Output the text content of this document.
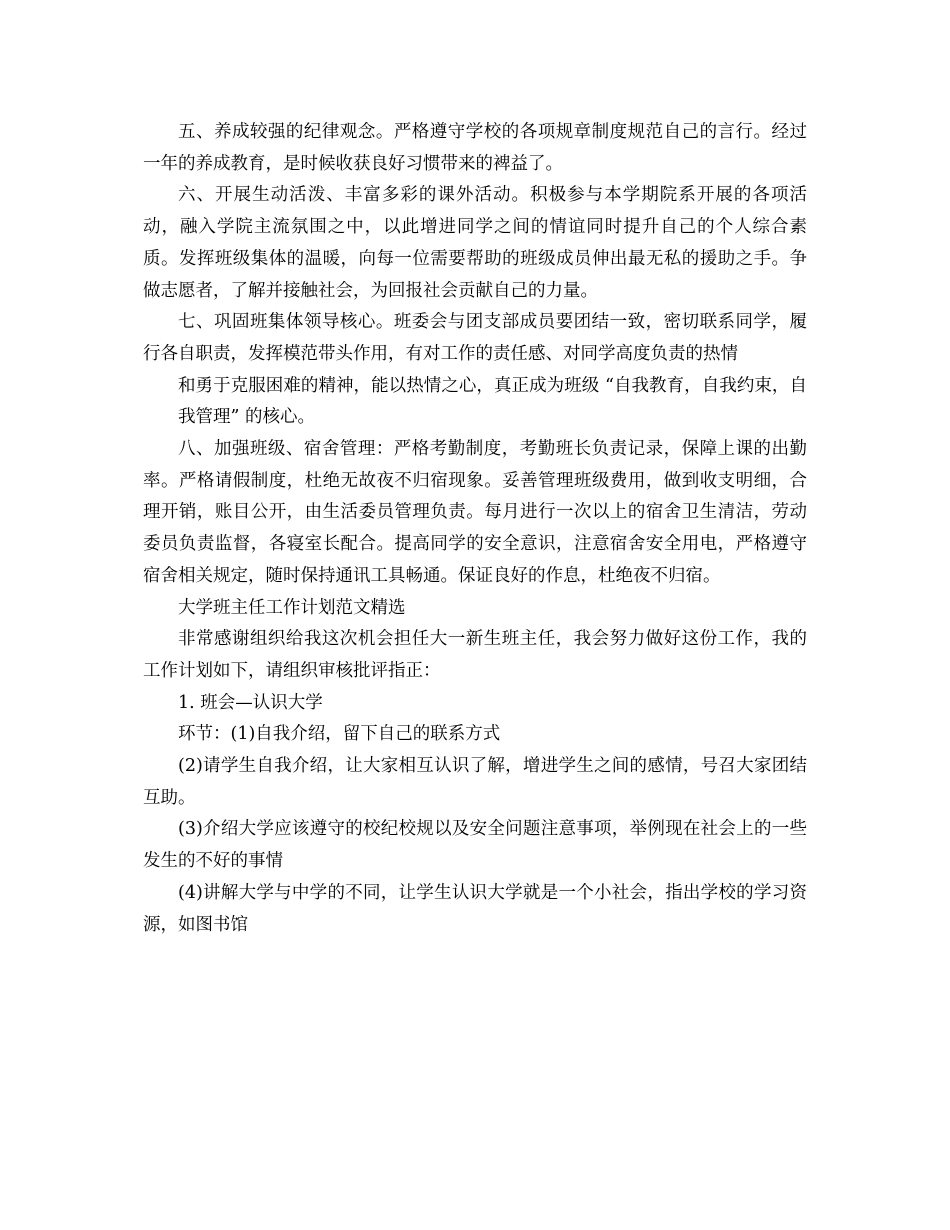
五、养成较强的纪律观念。严格遵守学校的各项规章制度规范自己的言行。经过一年的养成教育，是时候收获良好习惯带来的裨益了。

六、开展生动活泼、丰富多彩的课外活动。积极参与本学期院系开展的各项活动，融入学院主流氛围之中，以此增进同学之间的情谊同时提升自己的个人综合素质。发挥班级集体的温暖，向每一位需要帮助的班级成员伸出最无私的援助之手。争做志愿者，了解并接触社会，为回报社会贡献自己的力量。

七、巩固班集体领导核心。班委会与团支部成员要团结一致，密切联系同学，履行各自职责，发挥模范带头作用，有对工作的责任感、对同学高度负责的热情

和勇于克服困难的精神，能以热情之心，真正成为班级 “自我教育，自我约束，自我管理” 的核心。

八、加强班级、宿舍管理：严格考勤制度，考勤班长负责记录，保障上课的出勤率。严格请假制度，杜绝无故夜不归宿现象。妥善管理班级费用，做到收支明细，合理开销，账目公开，由生活委员管理负责。每月进行一次以上的宿舍卫生清洁，劳动委员负责监督，各寝室长配合。提高同学的安全意识，注意宿舍安全用电，严格遵守宿舍相关规定，随时保持通讯工具畅通。保证良好的作息，杜绝夜不归宿。

大学班主任工作计划范文精选

非常感谢组织给我这次机会担任大一新生班主任，我会努力做好这份工作，我的工作计划如下，请组织审核批评指正：

1. 班会—认识大学

环节：(1)自我介绍，留下自己的联系方式

(2)请学生自我介绍，让大家相互认识了解，增进学生之间的感情，号召大家团结互助。

(3)介绍大学应该遵守的校纪校规以及安全问题注意事项，举例现在社会上的一些发生的不好的事情

(4)讲解大学与中学的不同，让学生认识大学就是一个小社会，指出学校的学习资源，如图书馆
